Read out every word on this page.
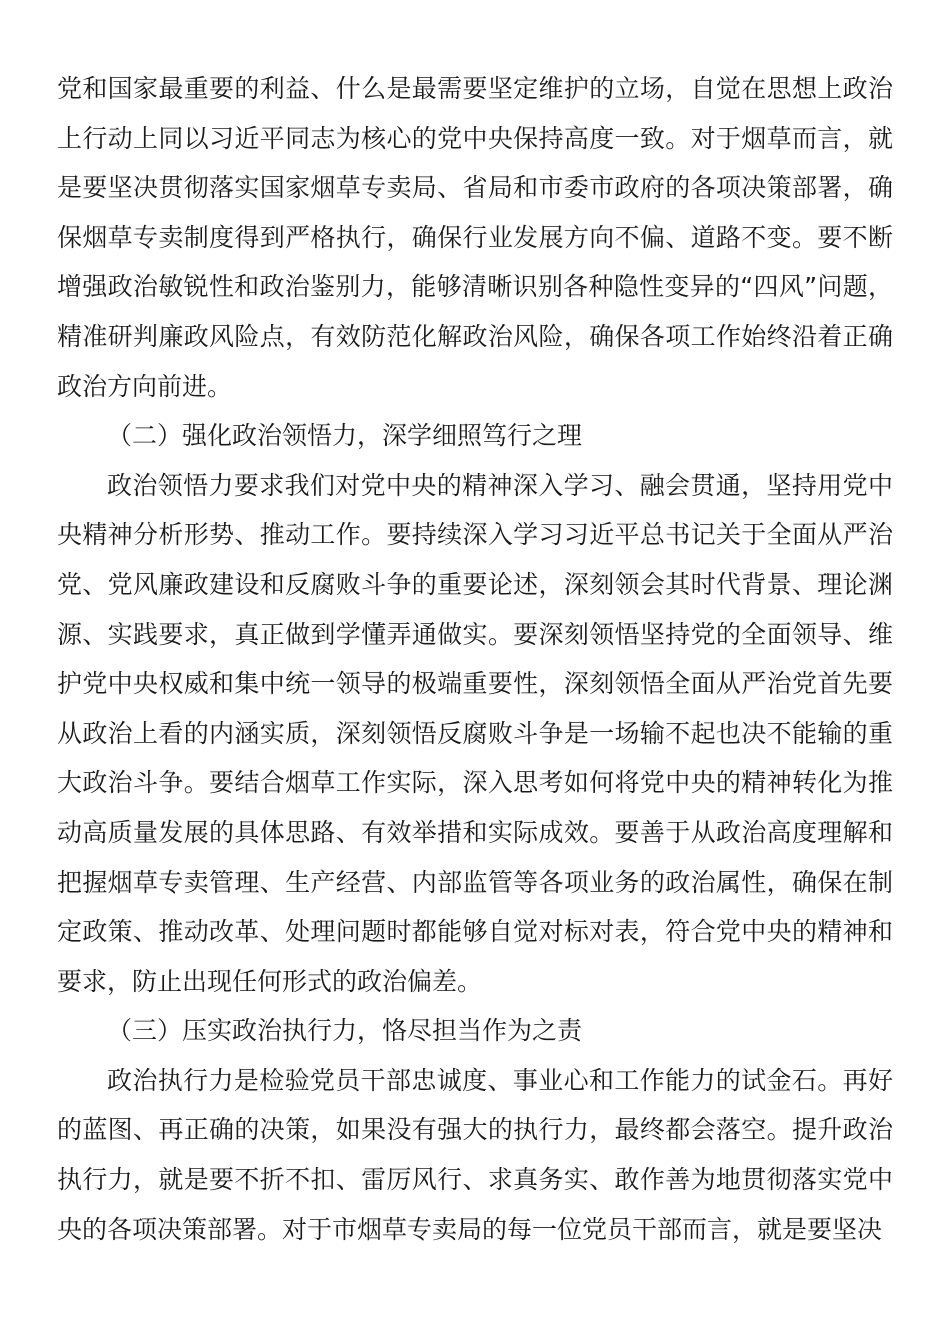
党和国家最重要的利益、什么是最需要坚定维护的立场，自觉在思想上政治上行动上同以习近平同志为核心的党中央保持高度一致。对于烟草而言，就是要坚决贯彻落实国家烟草专卖局、省局和市委市政府的各项决策部署，确保烟草专卖制度得到严格执行，确保行业发展方向不偏、道路不变。要不断增强政治敏锐性和政治鉴别力，能够清晰识别各种隐性变异的“四风”问题，精准研判廉政风险点，有效防范化解政治风险，确保各项工作始终沿着正确政治方向前进。

（二）强化政治领悟力，深学细照笃行之理

政治领悟力要求我们对党中央的精神深入学习、融会贯通，坚持用党中央精神分析形势、推动工作。要持续深入学习习近平总书记关于全面从严治党、党风廉政建设和反腐败斗争的重要论述，深刻领会其时代背景、理论渊源、实践要求，真正做到学懂弄通做实。要深刻领悟坚持党的全面领导、维护党中央权威和集中统一领导的极端重要性，深刻领悟全面从严治党首先要从政治上看的内涵实质，深刻领悟反腐败斗争是一场输不起也决不能输的重大政治斗争。要结合烟草工作实际，深入思考如何将党中央的精神转化为推动高质量发展的具体思路、有效举措和实际成效。要善于从政治高度理解和把握烟草专卖管理、生产经营、内部监管等各项业务的政治属性，确保在制定政策、推动改革、处理问题时都能够自觉对标对表，符合党中央的精神和要求，防止出现任何形式的政治偏差。

（三）压实政治执行力，恪尽担当作为之责

政治执行力是检验党员干部忠诚度、事业心和工作能力的试金石。再好的蓝图、再正确的决策，如果没有强大的执行力，最终都会落空。提升政治执行力，就是要不折不扣、雷厉风行、求真务实、敢作善为地贯彻落实党中央的各项决策部署。对于市烟草专卖局的每一位党员干部而言，就是要坚决
